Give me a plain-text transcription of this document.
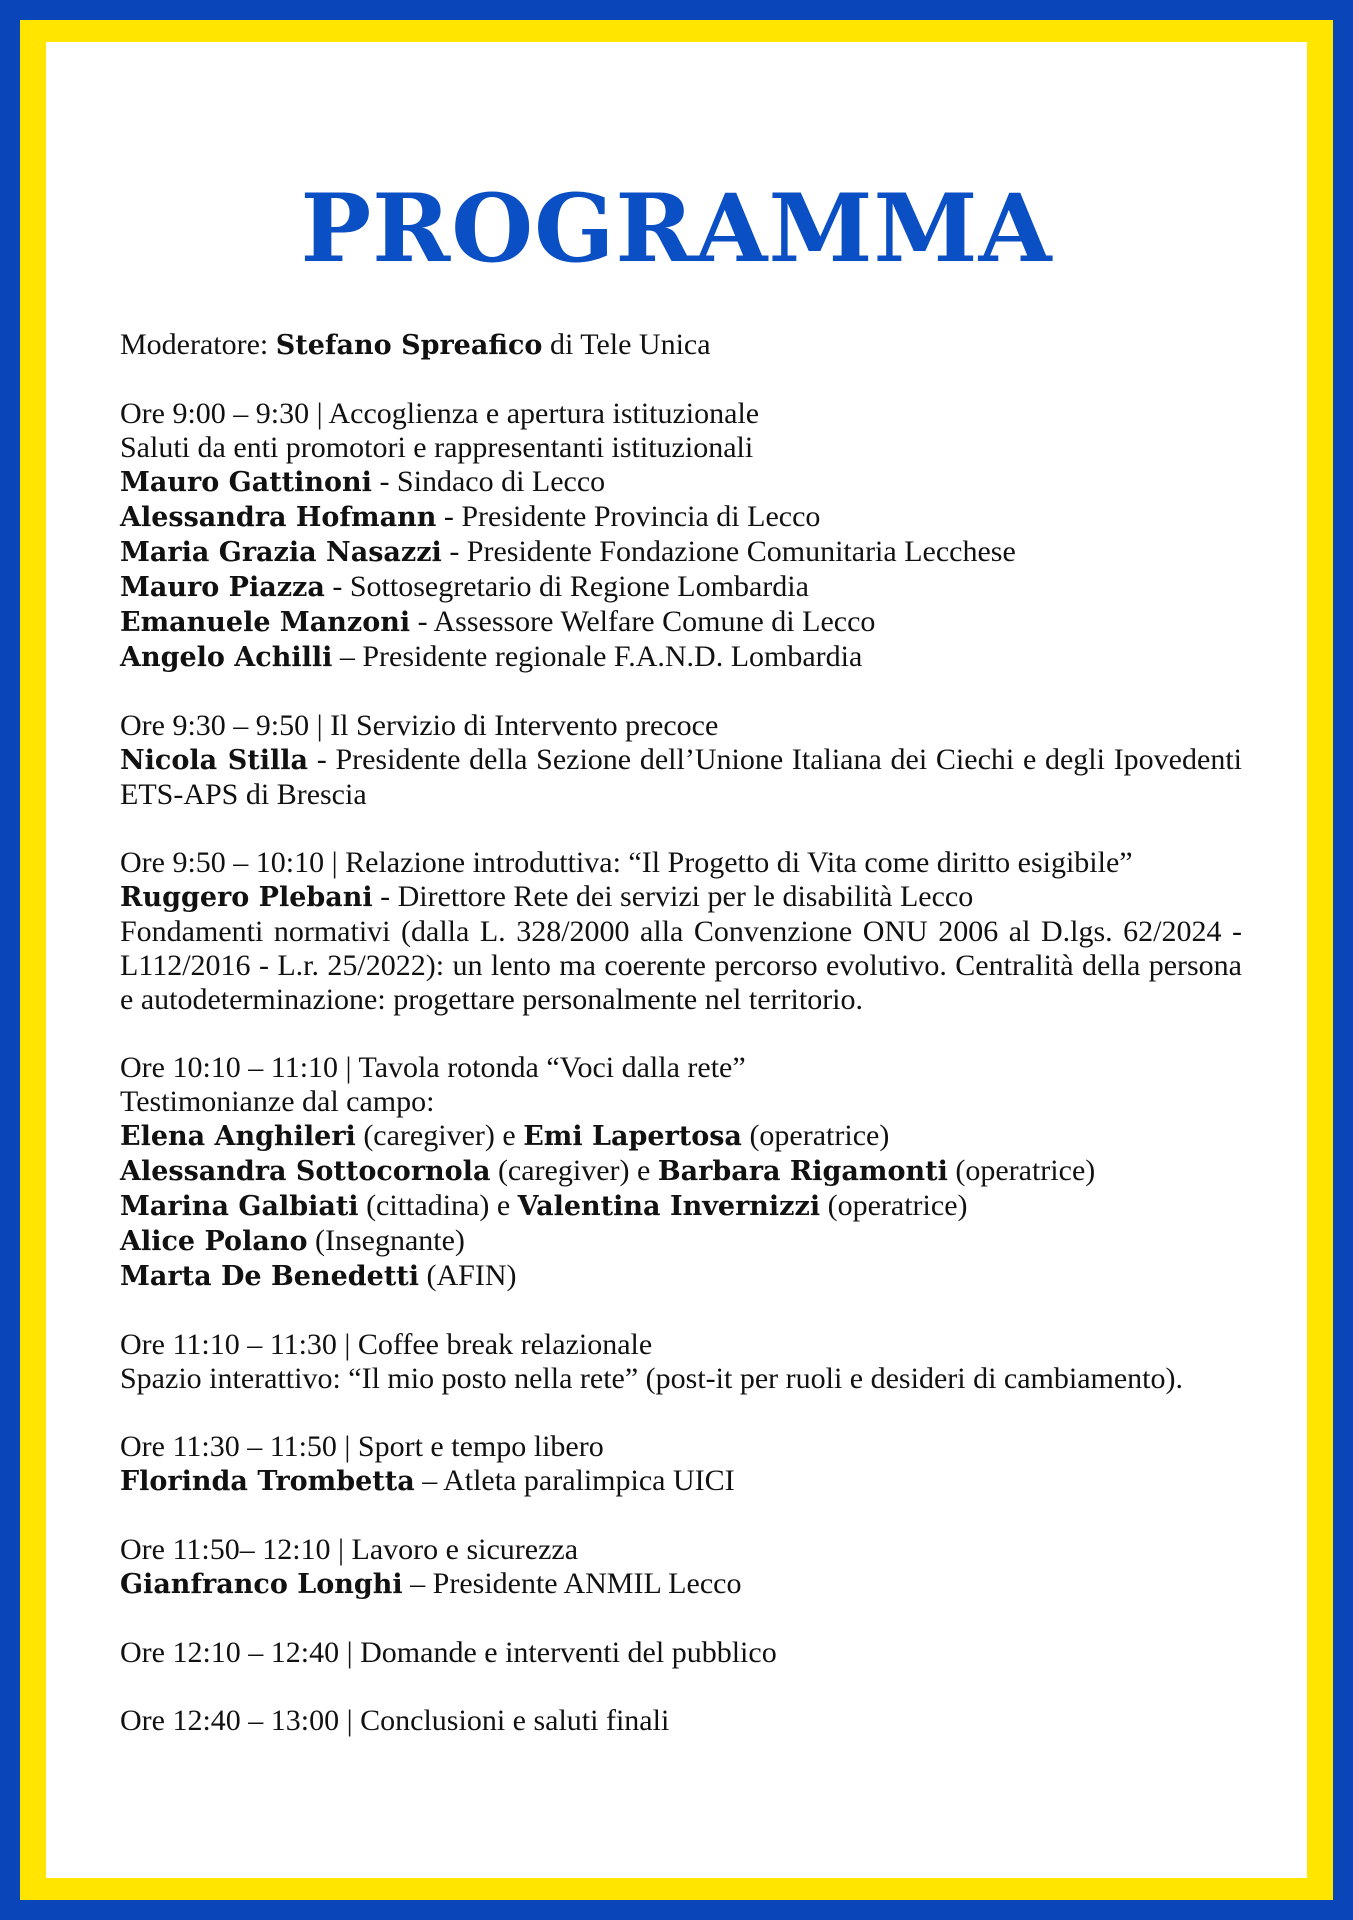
PROGRAMMA

Moderatore: Stefano Spreafico di Tele Unica

Ore 9:00 – 9:30 | Accoglienza e apertura istituzionale
Saluti da enti promotori e rappresentanti istituzionali
Mauro Gattinoni - Sindaco di Lecco
Alessandra Hofmann - Presidente Provincia di Lecco
Maria Grazia Nasazzi - Presidente Fondazione Comunitaria Lecchese
Mauro Piazza - Sottosegretario di Regione Lombardia
Emanuele Manzoni - Assessore Welfare Comune di Lecco
Angelo Achilli – Presidente regionale F.A.N.D. Lombardia
Ore 9:30 – 9:50 | Il Servizio di Intervento precoce
Nicola Stilla - Presidente della Sezione dell’Unione Italiana dei Ciechi e degli Ipovedenti ETS-APS di Brescia
Ore 9:50 – 10:10 | Relazione introduttiva: “Il Progetto di Vita come diritto esigibile”
Ruggero Plebani - Direttore Rete dei servizi per le disabilità Lecco
Fondamenti normativi (dalla L. 328/2000 alla Convenzione ONU 2006 al D.lgs. 62/2024 - L112/2016 - L.r. 25/2022): un lento ma coerente percorso evolutivo. Centralità della persona e autodeterminazione: progettare personalmente nel territorio.
Ore 10:10 – 11:10 | Tavola rotonda “Voci dalla rete”
Testimonianze dal campo:
Elena Anghileri (caregiver) e Emi Lapertosa (operatrice)
Alessandra Sottocornola (caregiver) e Barbara Rigamonti (operatrice)
Marina Galbiati (cittadina) e Valentina Invernizzi (operatrice)
Alice Polano (Insegnante)
Marta De Benedetti (AFIN)
Ore 11:10 – 11:30 | Coffee break relazionale
Spazio interattivo: “Il mio posto nella rete” (post-it per ruoli e desideri di cambiamento).
Ore 11:30 – 11:50 | Sport e tempo libero
Florinda Trombetta – Atleta paralimpica UICI
Ore 11:50– 12:10 | Lavoro e sicurezza
Gianfranco Longhi – Presidente ANMIL Lecco
Ore 12:10 – 12:40 | Domande e interventi del pubblico
Ore 12:40 – 13:00 | Conclusioni e saluti finali
